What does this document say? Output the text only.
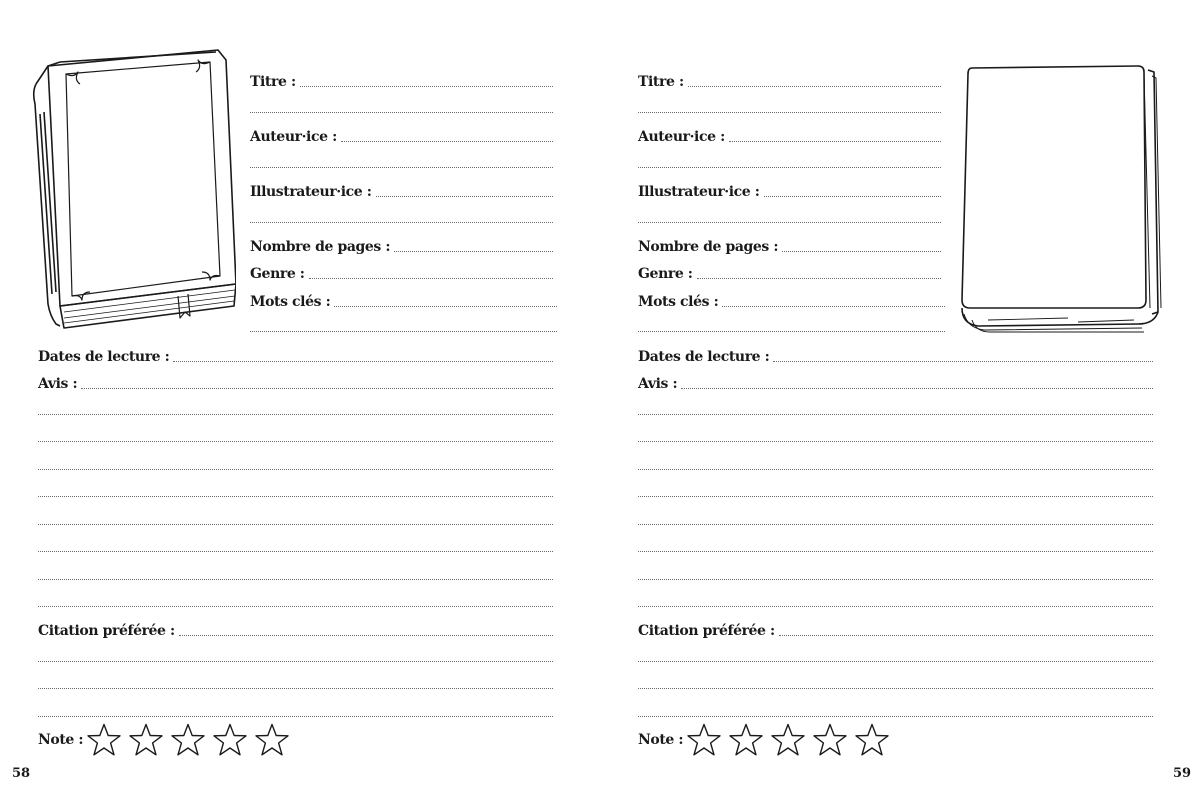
Titre :
Auteur·ice :
Illustrateur·ice :
Nombre de pages :
Genre :
Mots clés :
Dates de lecture :
Avis :
Citation préférée :
Note :
58
Titre :
Auteur·ice :
Illustrateur·ice :
Nombre de pages :
Genre :
Mots clés :
Dates de lecture :
Avis :
Citation préférée :
Note :
59
